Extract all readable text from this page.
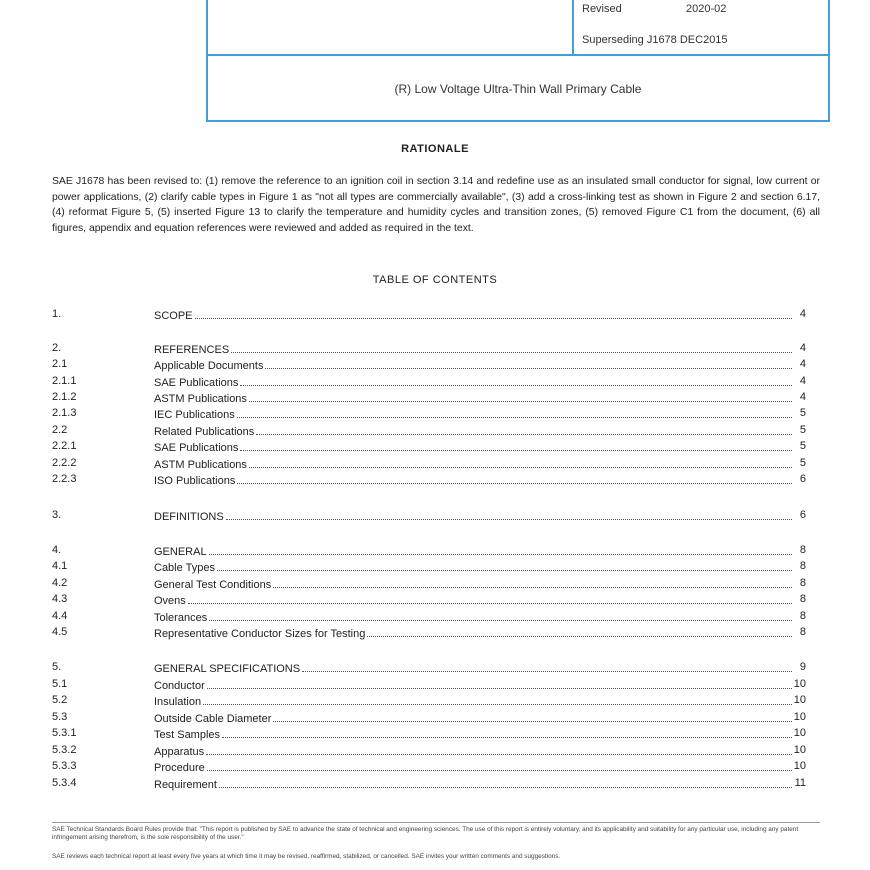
Revised	2020-02
Superseding J1678 DEC2015
(R) Low Voltage Ultra-Thin Wall Primary Cable
RATIONALE
SAE J1678 has been revised to: (1) remove the reference to an ignition coil in section 3.14 and redefine use as an insulated small conductor for signal, low current or power applications, (2) clarify cable types in Figure 1 as "not all types are commercially available", (3) add a cross-linking test as shown in Figure 2 and section 6.17, (4) reformat Figure 5, (5) inserted Figure 13 to clarify the temperature and humidity cycles and transition zones, (5) removed Figure C1 from the document, (6) all figures, appendix and equation references were reviewed and added as required in the text.
TABLE OF CONTENTS
1.	SCOPE	4
2.	REFERENCES	4
2.1	Applicable Documents	4
2.1.1	SAE Publications	4
2.1.2	ASTM Publications	4
2.1.3	IEC Publications	5
2.2	Related Publications	5
2.2.1	SAE Publications	5
2.2.2	ASTM Publications	5
2.2.3	ISO Publications	6
3.	DEFINITIONS	6
4.	GENERAL	8
4.1	Cable Types	8
4.2	General Test Conditions	8
4.3	Ovens	8
4.4	Tolerances	8
4.5	Representative Conductor Sizes for Testing	8
5.	GENERAL SPECIFICATIONS	9
5.1	Conductor	10
5.2	Insulation	10
5.3	Outside Cable Diameter	10
5.3.1	Test Samples	10
5.3.2	Apparatus	10
5.3.3	Procedure	10
5.3.4	Requirement	11
SAE Technical Standards Board Rules provide that: "This report is published by SAE to advance the state of technical and engineering sciences. The use of this report is entirely voluntary, and its applicability and suitability for any particular use, including any patent infringement arising therefrom, is the sole responsibility of the user."
SAE reviews each technical report at least every five years at which time it may be revised, reaffirmed, stabilized, or cancelled. SAE invites your written comments and suggestions.
